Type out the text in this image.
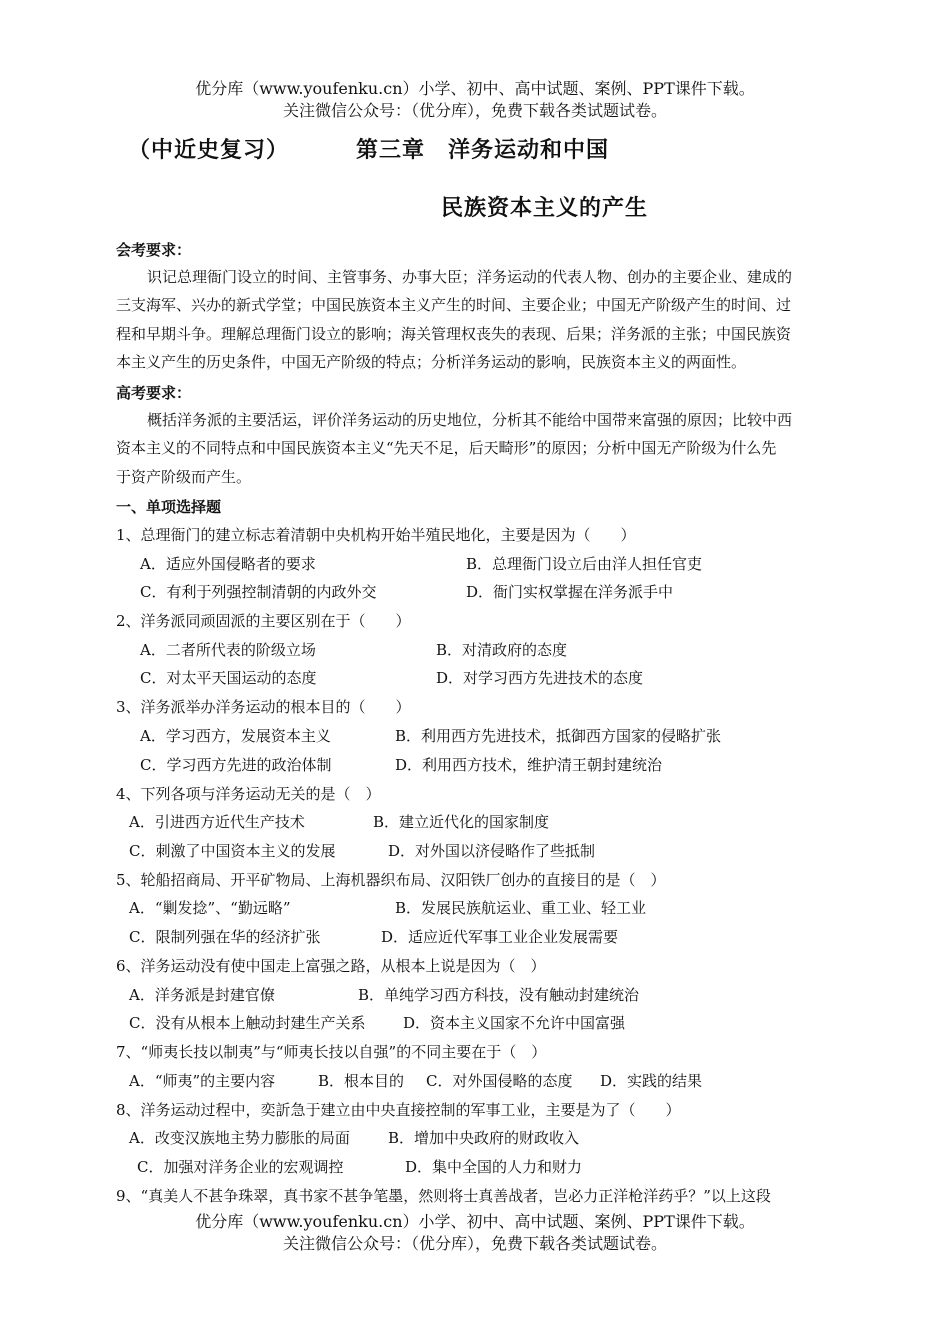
优分库（www.youfenku.cn）小学、初中、高中试题、案例、PPT课件下载。
关注微信公众号：（优分库），免费下载各类试题试卷。
（中近史复习）	第三章　洋务运动和中国
民族资本主义的产生
会考要求：
识记总理衙门设立的时间、主管事务、办事大臣；洋务运动的代表人物、创办的主要企业、建成的
三支海军、兴办的新式学堂；中国民族资本主义产生的时间、主要企业；中国无产阶级产生的时间、过
程和早期斗争。理解总理衙门设立的影响；海关管理权丧失的表现、后果；洋务派的主张；中国民族资
本主义产生的历史条件，中国无产阶级的特点；分析洋务运动的影响，民族资本主义的两面性。
高考要求：
概括洋务派的主要活运，评价洋务运动的历史地位，分析其不能给中国带来富强的原因；比较中西
资本主义的不同特点和中国民族资本主义“先天不足，后天畸形”的原因；分析中国无产阶级为什么先
于资产阶级而产生。
一、单项选择题
1、总理衙门的建立标志着清朝中央机构开始半殖民地化，主要是因为（　　）
A．适应外国侵略者的要求	B．总理衙门设立后由洋人担任官吏
C．有利于列强控制清朝的内政外交	D．衙门实权掌握在洋务派手中
2、洋务派同顽固派的主要区别在于（　　）
A．二者所代表的阶级立场	B．对清政府的态度
C．对太平天国运动的态度	D．对学习西方先进技术的态度
3、洋务派举办洋务运动的根本目的（　　）
A．学习西方，发展资本主义	B．利用西方先进技术，抵御西方国家的侵略扩张
C．学习西方先进的政治体制	D．利用西方技术，维护清王朝封建统治
4、下列各项与洋务运动无关的是（　）
A．引进西方近代生产技术	B．建立近代化的国家制度
C．刺激了中国资本主义的发展	D．对外国以济侵略作了些抵制
5、轮船招商局、开平矿物局、上海机器织布局、汉阳铁厂创办的直接目的是（　）
A．“剿发捻”、“勤远略”	B．发展民族航运业、重工业、轻工业
C．限制列强在华的经济扩张	D．适应近代军事工业企业发展需要
6、洋务运动没有使中国走上富强之路，从根本上说是因为（　）
A．洋务派是封建官僚	B．单纯学习西方科技，没有触动封建统治
C．没有从根本上触动封建生产关系	D．资本主义国家不允许中国富强
7、“师夷长技以制夷”与“师夷长技以自强”的不同主要在于（　）
A．“师夷”的主要内容	B．根本目的 C．对外国侵略的态度 D．实践的结果
8、洋务运动过程中，奕訢急于建立由中央直接控制的军事工业，主要是为了（　　）
A．改变汉族地主势力膨胀的局面	B．增加中央政府的财政收入
C．加强对洋务企业的宏观调控	D．集中全国的人力和财力
9、“真美人不甚争珠翠，真书家不甚争笔墨，然则将士真善战者，岂必力正洋枪洋药乎？”以上这段
优分库（www.youfenku.cn）小学、初中、高中试题、案例、PPT课件下载。
关注微信公众号：（优分库），免费下载各类试题试卷。
